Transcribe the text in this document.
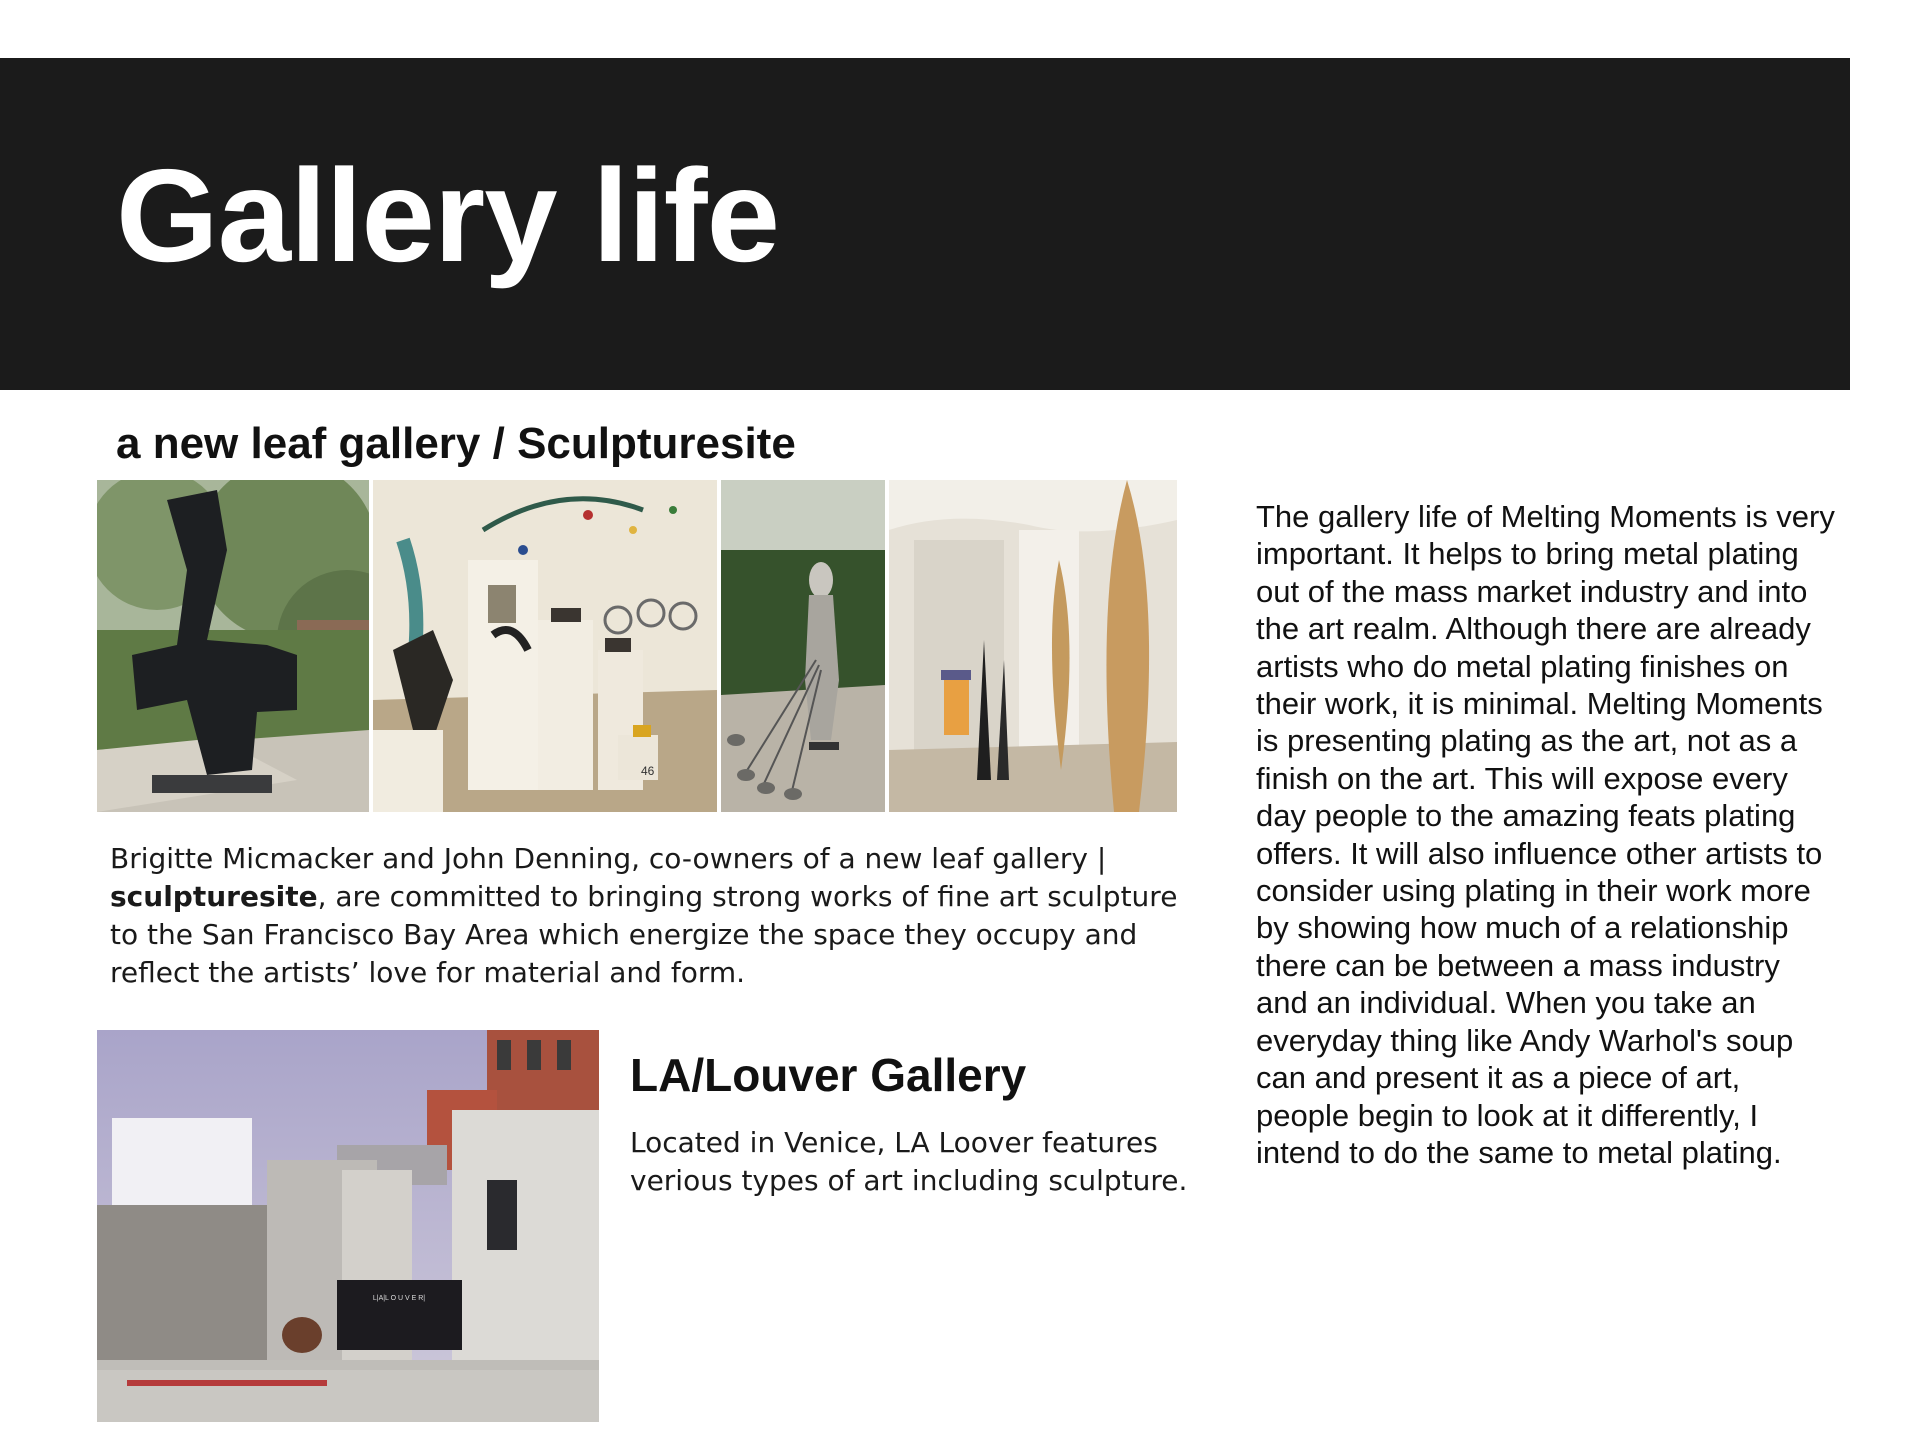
Gallery life
a new leaf gallery / Sculpturesite
46

Brigitte Micmacker and John Denning, co-owners of a new leaf gallery | sculpturesite, are committed to bringing strong works of fine art sculpture to the San Francisco Bay Area which energize the space they occupy and reflect the artists’ love for material and form.

L|A|L O U V E R|
LA/Louver Gallery

Located in Venice, LA Loover features verious types of art including sculpture.

The gallery life of Melting Moments is very important. It helps to bring metal plating out of the mass market industry and into the art realm. Although there are already artists who do metal plating finishes on their work, it is minimal. Melting Moments is presenting plating as the art, not as a finish on the art. This will expose every day people to the amazing feats plating offers. It will also influence other artists to consider using plating in their work more by showing how much of a relationship there can be between a mass industry and an individual. When you take an everyday thing like Andy Warhol's soup can and present it as a piece of art, people begin to look at it differently, I intend to do the same to metal plating.
